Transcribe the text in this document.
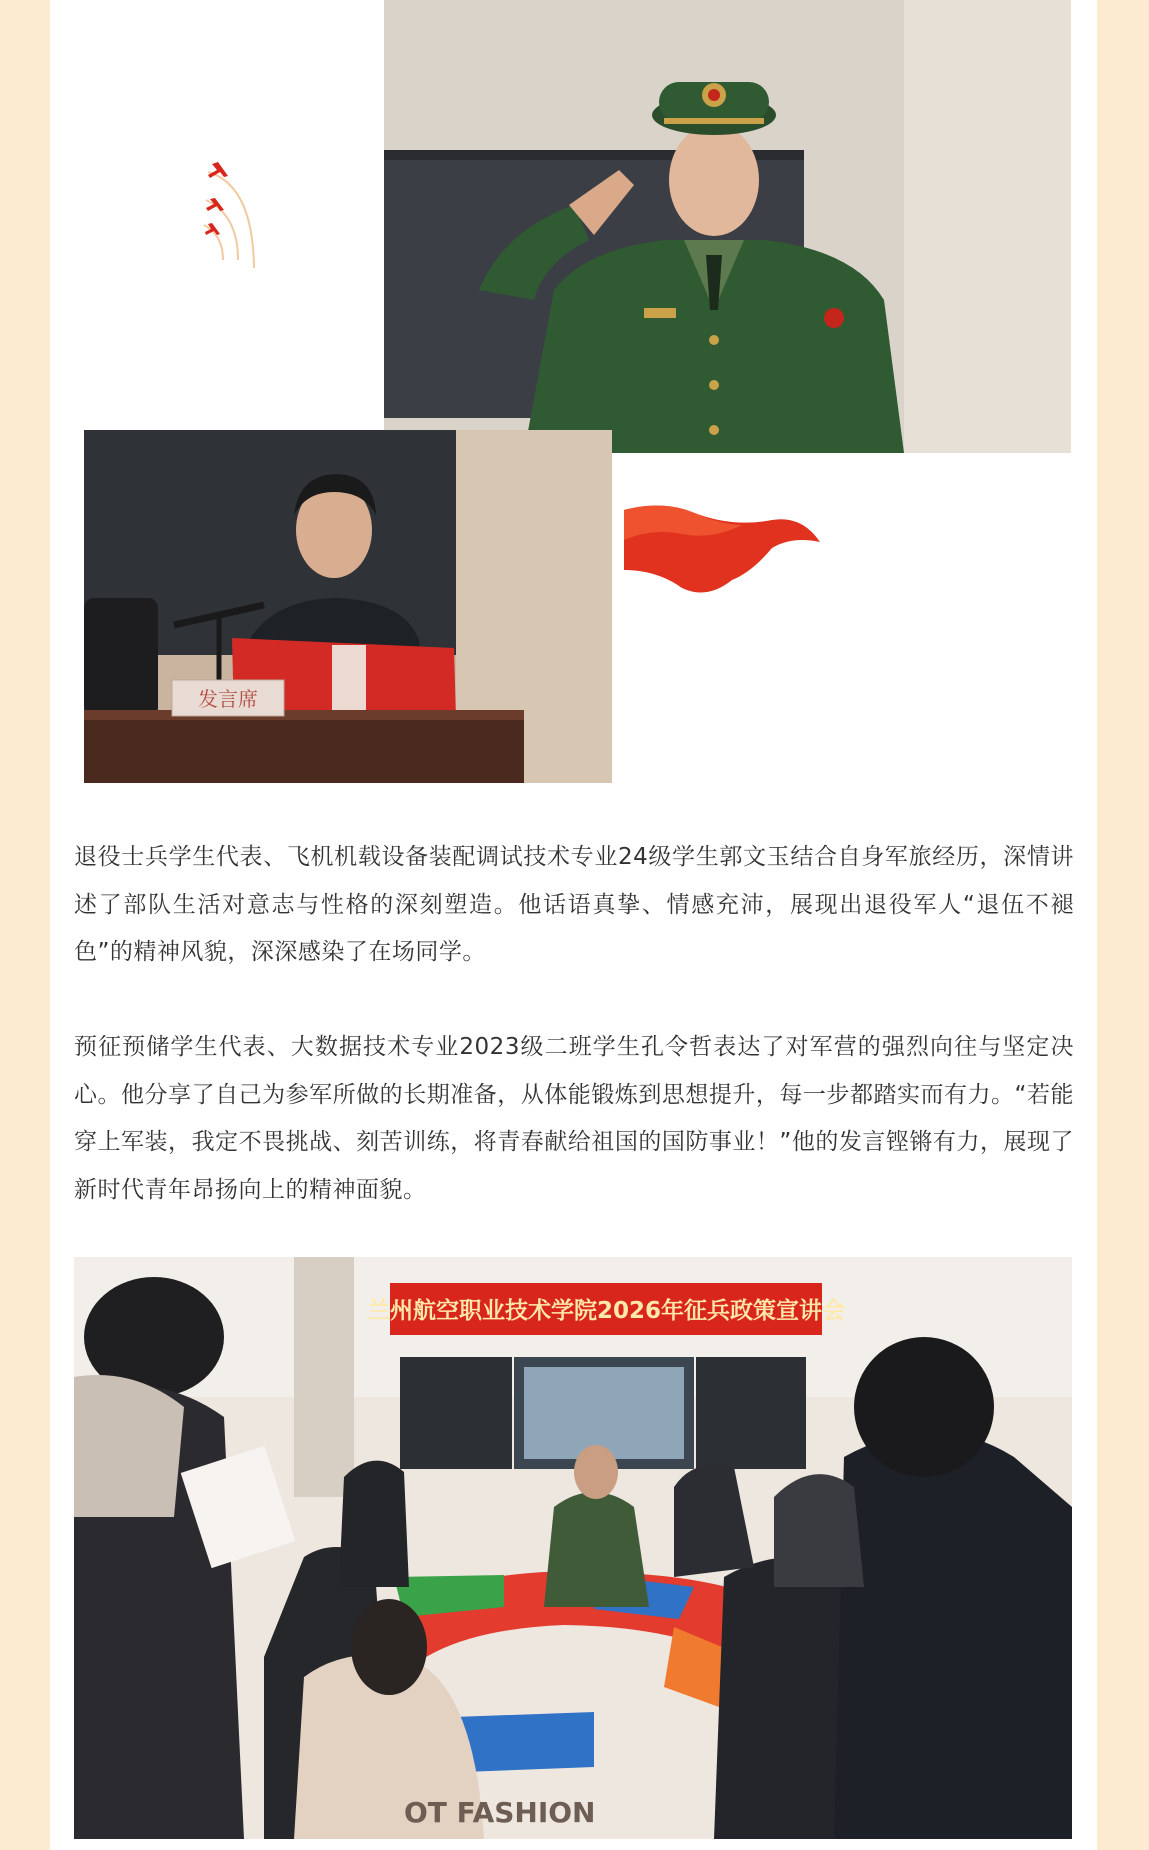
发言席

退役士兵学生代表、飞机机载设备装配调试技术专业24级学生郭文玉结合自身军旅经历，深情讲述了部队生活对意志与性格的深刻塑造。他话语真挚、情感充沛，展现出退役军人“退伍不褪色”的精神风貌，深深感染了在场同学。

预征预储学生代表、大数据技术专业2023级二班学生孔令哲表达了对军营的强烈向往与坚定决心。他分享了自己为参军所做的长期准备，从体能锻炼到思想提升，每一步都踏实而有力。“若能穿上军装，我定不畏挑战、刻苦训练，将青春献给祖国的国防事业！”他的发言铿锵有力，展现了新时代青年昂扬向上的精神面貌。

兰州航空职业技术学院2026年征兵政策宣讲会
OT FASHION
